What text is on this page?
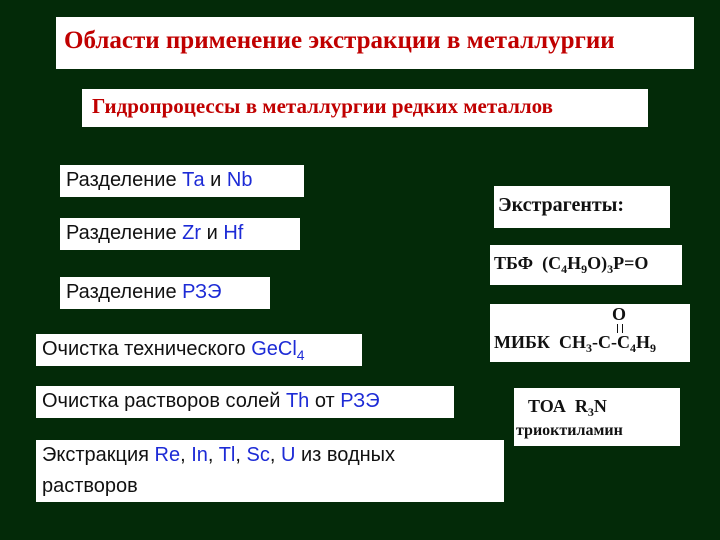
Области применение экстракции в металлургии
Гидропроцессы в металлургии редких металлов
Разделение Та и Nb
Разделение Zr и Hf
Разделение РЗЭ
Очистка технического GeCl$_4$
Очистка растворов солей Th от РЗЭ
Экстракция Re, In, Tl, Sc, U из водных растворов
Экстрагенты:
ТБФ $(C_4H_9O)_3P=O$
O
МИБК $CH_3-C-C_4H_9$
ТОА $R_3N$
триоктиламин
